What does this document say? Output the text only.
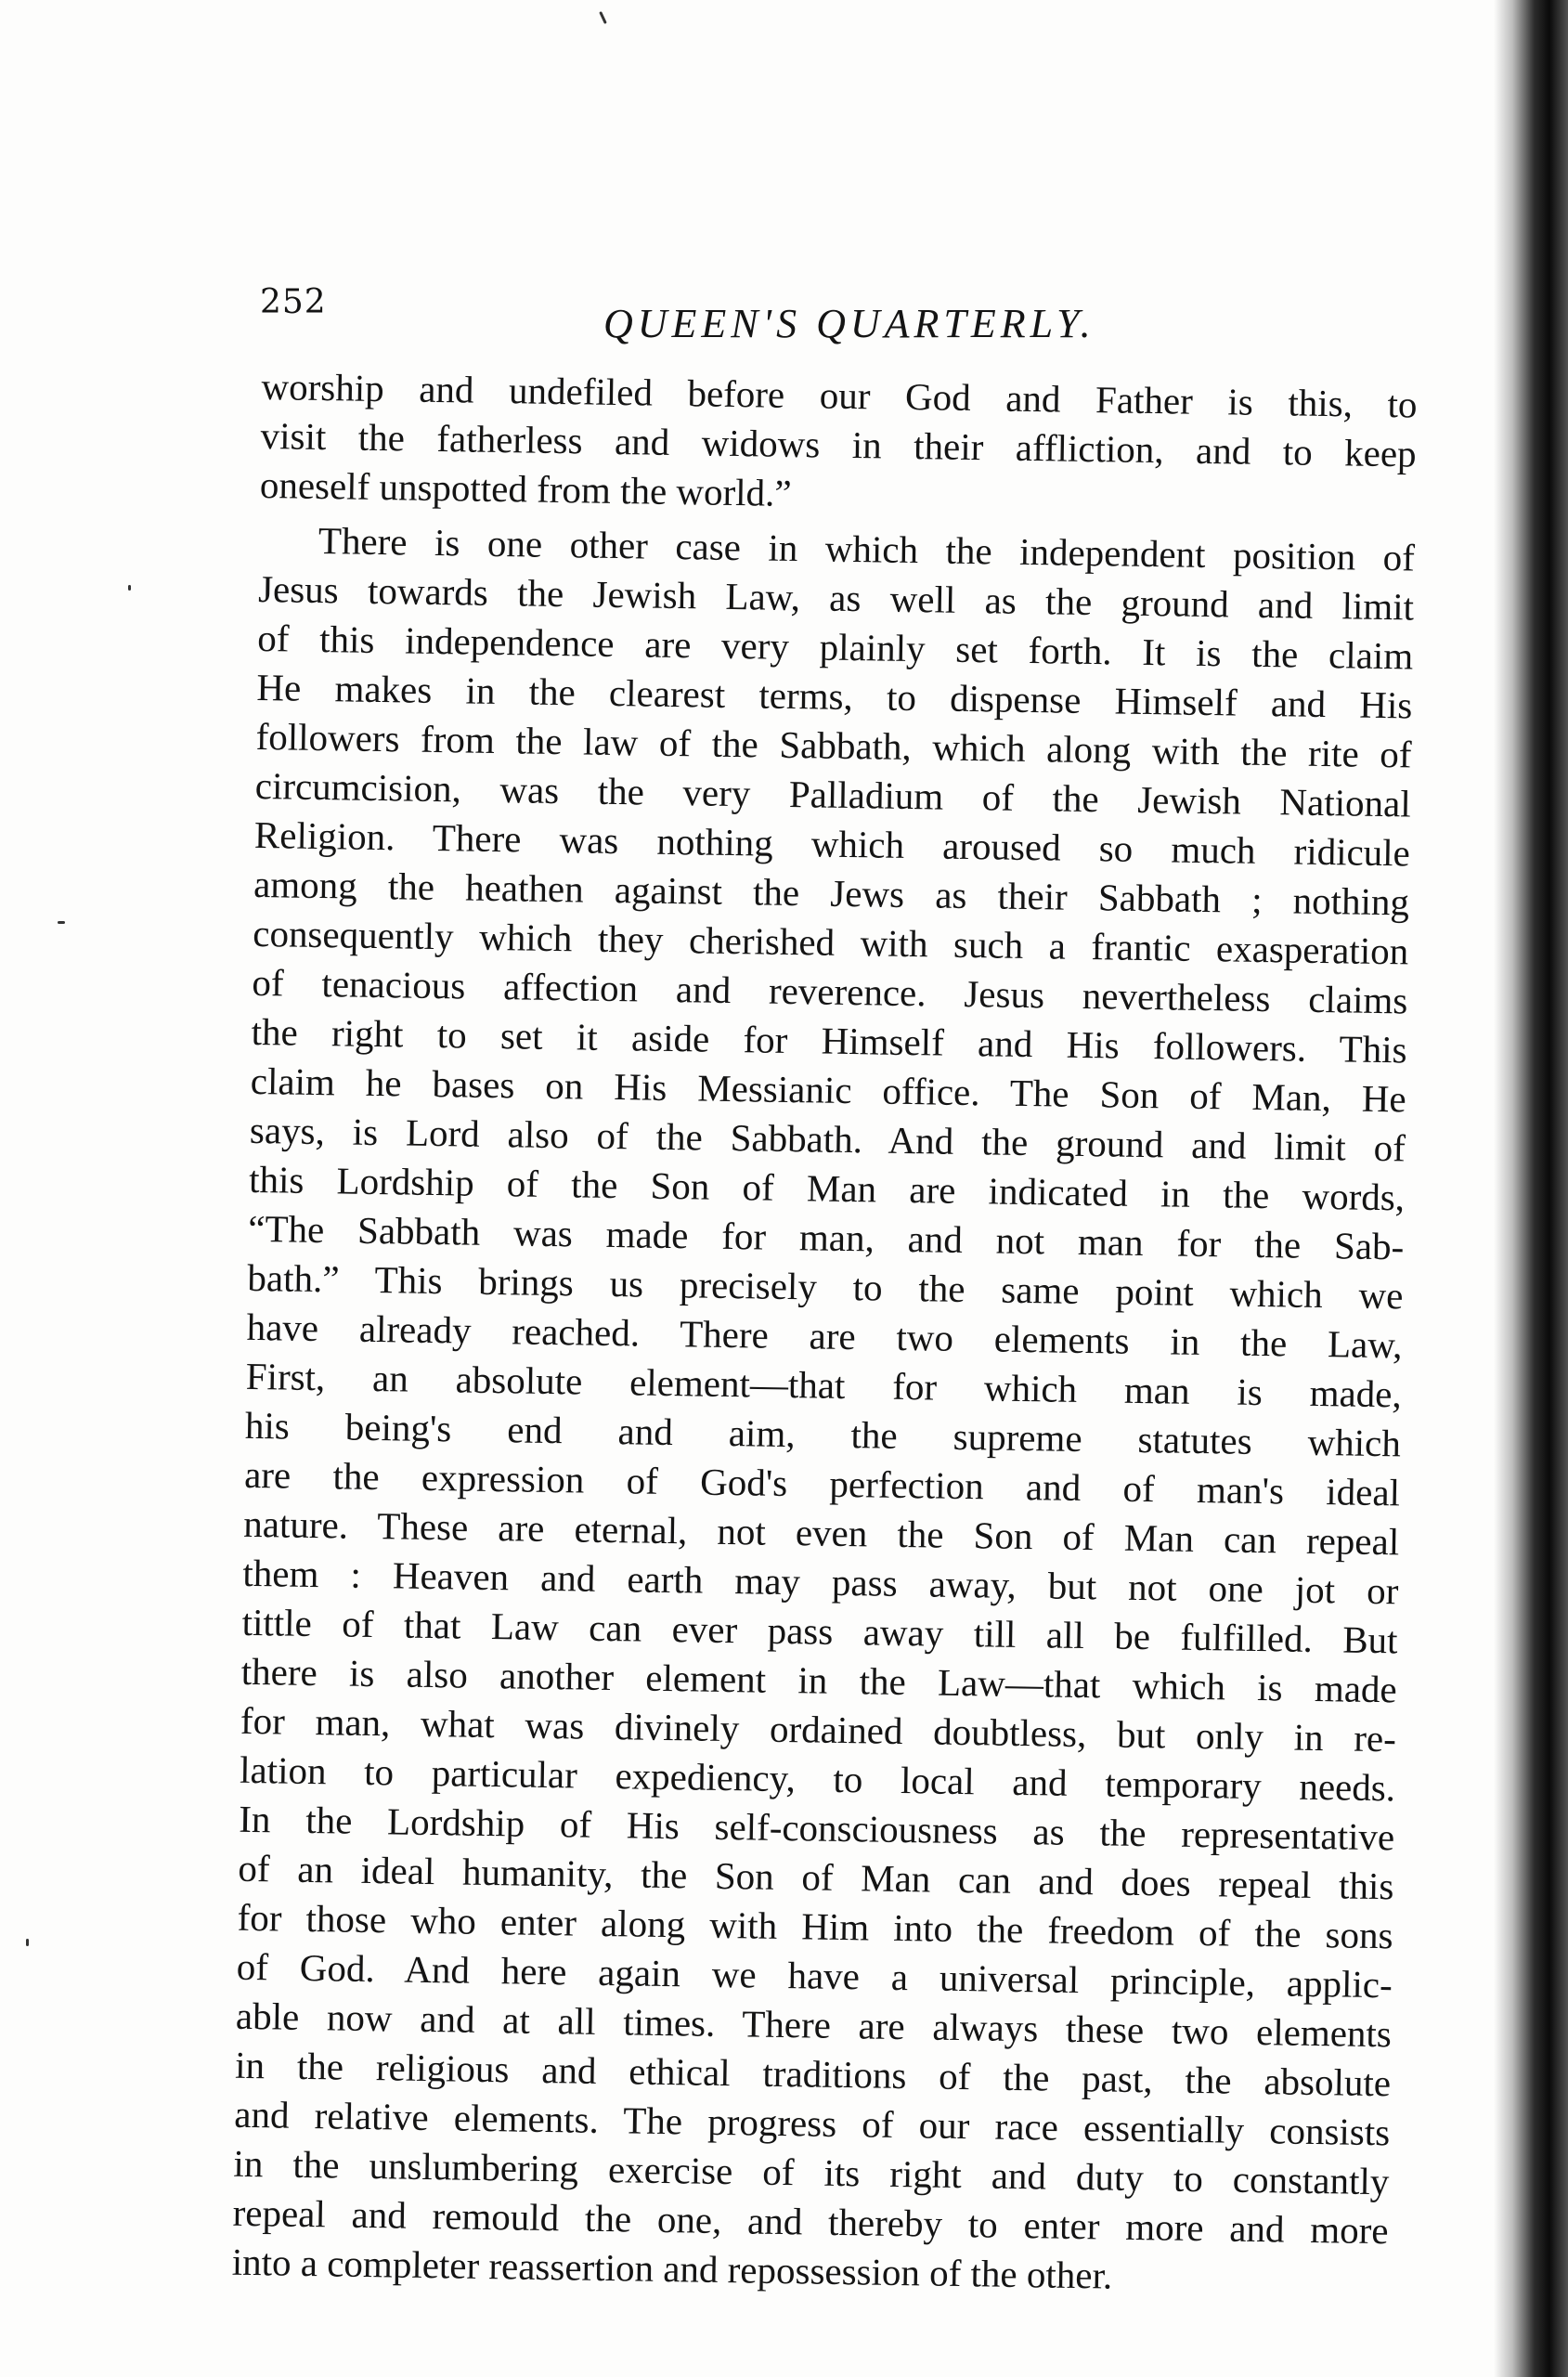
252	QUEEN'S QUARTERLY.
worship and undefiled before our God and Father is this, to
visit the fatherless and widows in their affliction, and to keep
oneself unspotted from the world.”
There is one other case in which the independent position of
Jesus towards the Jewish Law, as well as the ground and limit
of this independence are very plainly set forth. It is the claim
He makes in the clearest terms, to dispense Himself and His
followers from the law of the Sabbath, which along with the rite of
circumcision, was the very Palladium of the Jewish National
Religion. There was nothing which aroused so much ridicule
among the heathen against the Jews as their Sabbath ; nothing
consequently which they cherished with such a frantic exasperation
of tenacious affection and reverence. Jesus nevertheless claims
the right to set it aside for Himself and His followers. This
claim he bases on His Messianic office. The Son of Man, He
says, is Lord also of the Sabbath. And the ground and limit of
this Lordship of the Son of Man are indicated in the words,
“The Sabbath was made for man, and not man for the Sab-
bath.” This brings us precisely to the same point which we
have already reached. There are two elements in the Law,
First, an absolute element—that for which man is made,
his being's end and aim, the supreme statutes which
are the expression of God's perfection and of man's ideal
nature. These are eternal, not even the Son of Man can repeal
them : Heaven and earth may pass away, but not one jot or
tittle of that Law can ever pass away till all be fulfilled. But
there is also another element in the Law—that which is made
for man, what was divinely ordained doubtless, but only in re-
lation to particular expediency, to local and temporary needs.
In the Lordship of His self-consciousness as the representative
of an ideal humanity, the Son of Man can and does repeal this
for those who enter along with Him into the freedom of the sons
of God. And here again we have a universal principle, applic-
able now and at all times. There are always these two elements
in the religious and ethical traditions of the past, the absolute
and relative elements. The progress of our race essentially consists
in the unslumbering exercise of its right and duty to constantly
repeal and remould the one, and thereby to enter more and more
into a completer reassertion and repossession of the other.
